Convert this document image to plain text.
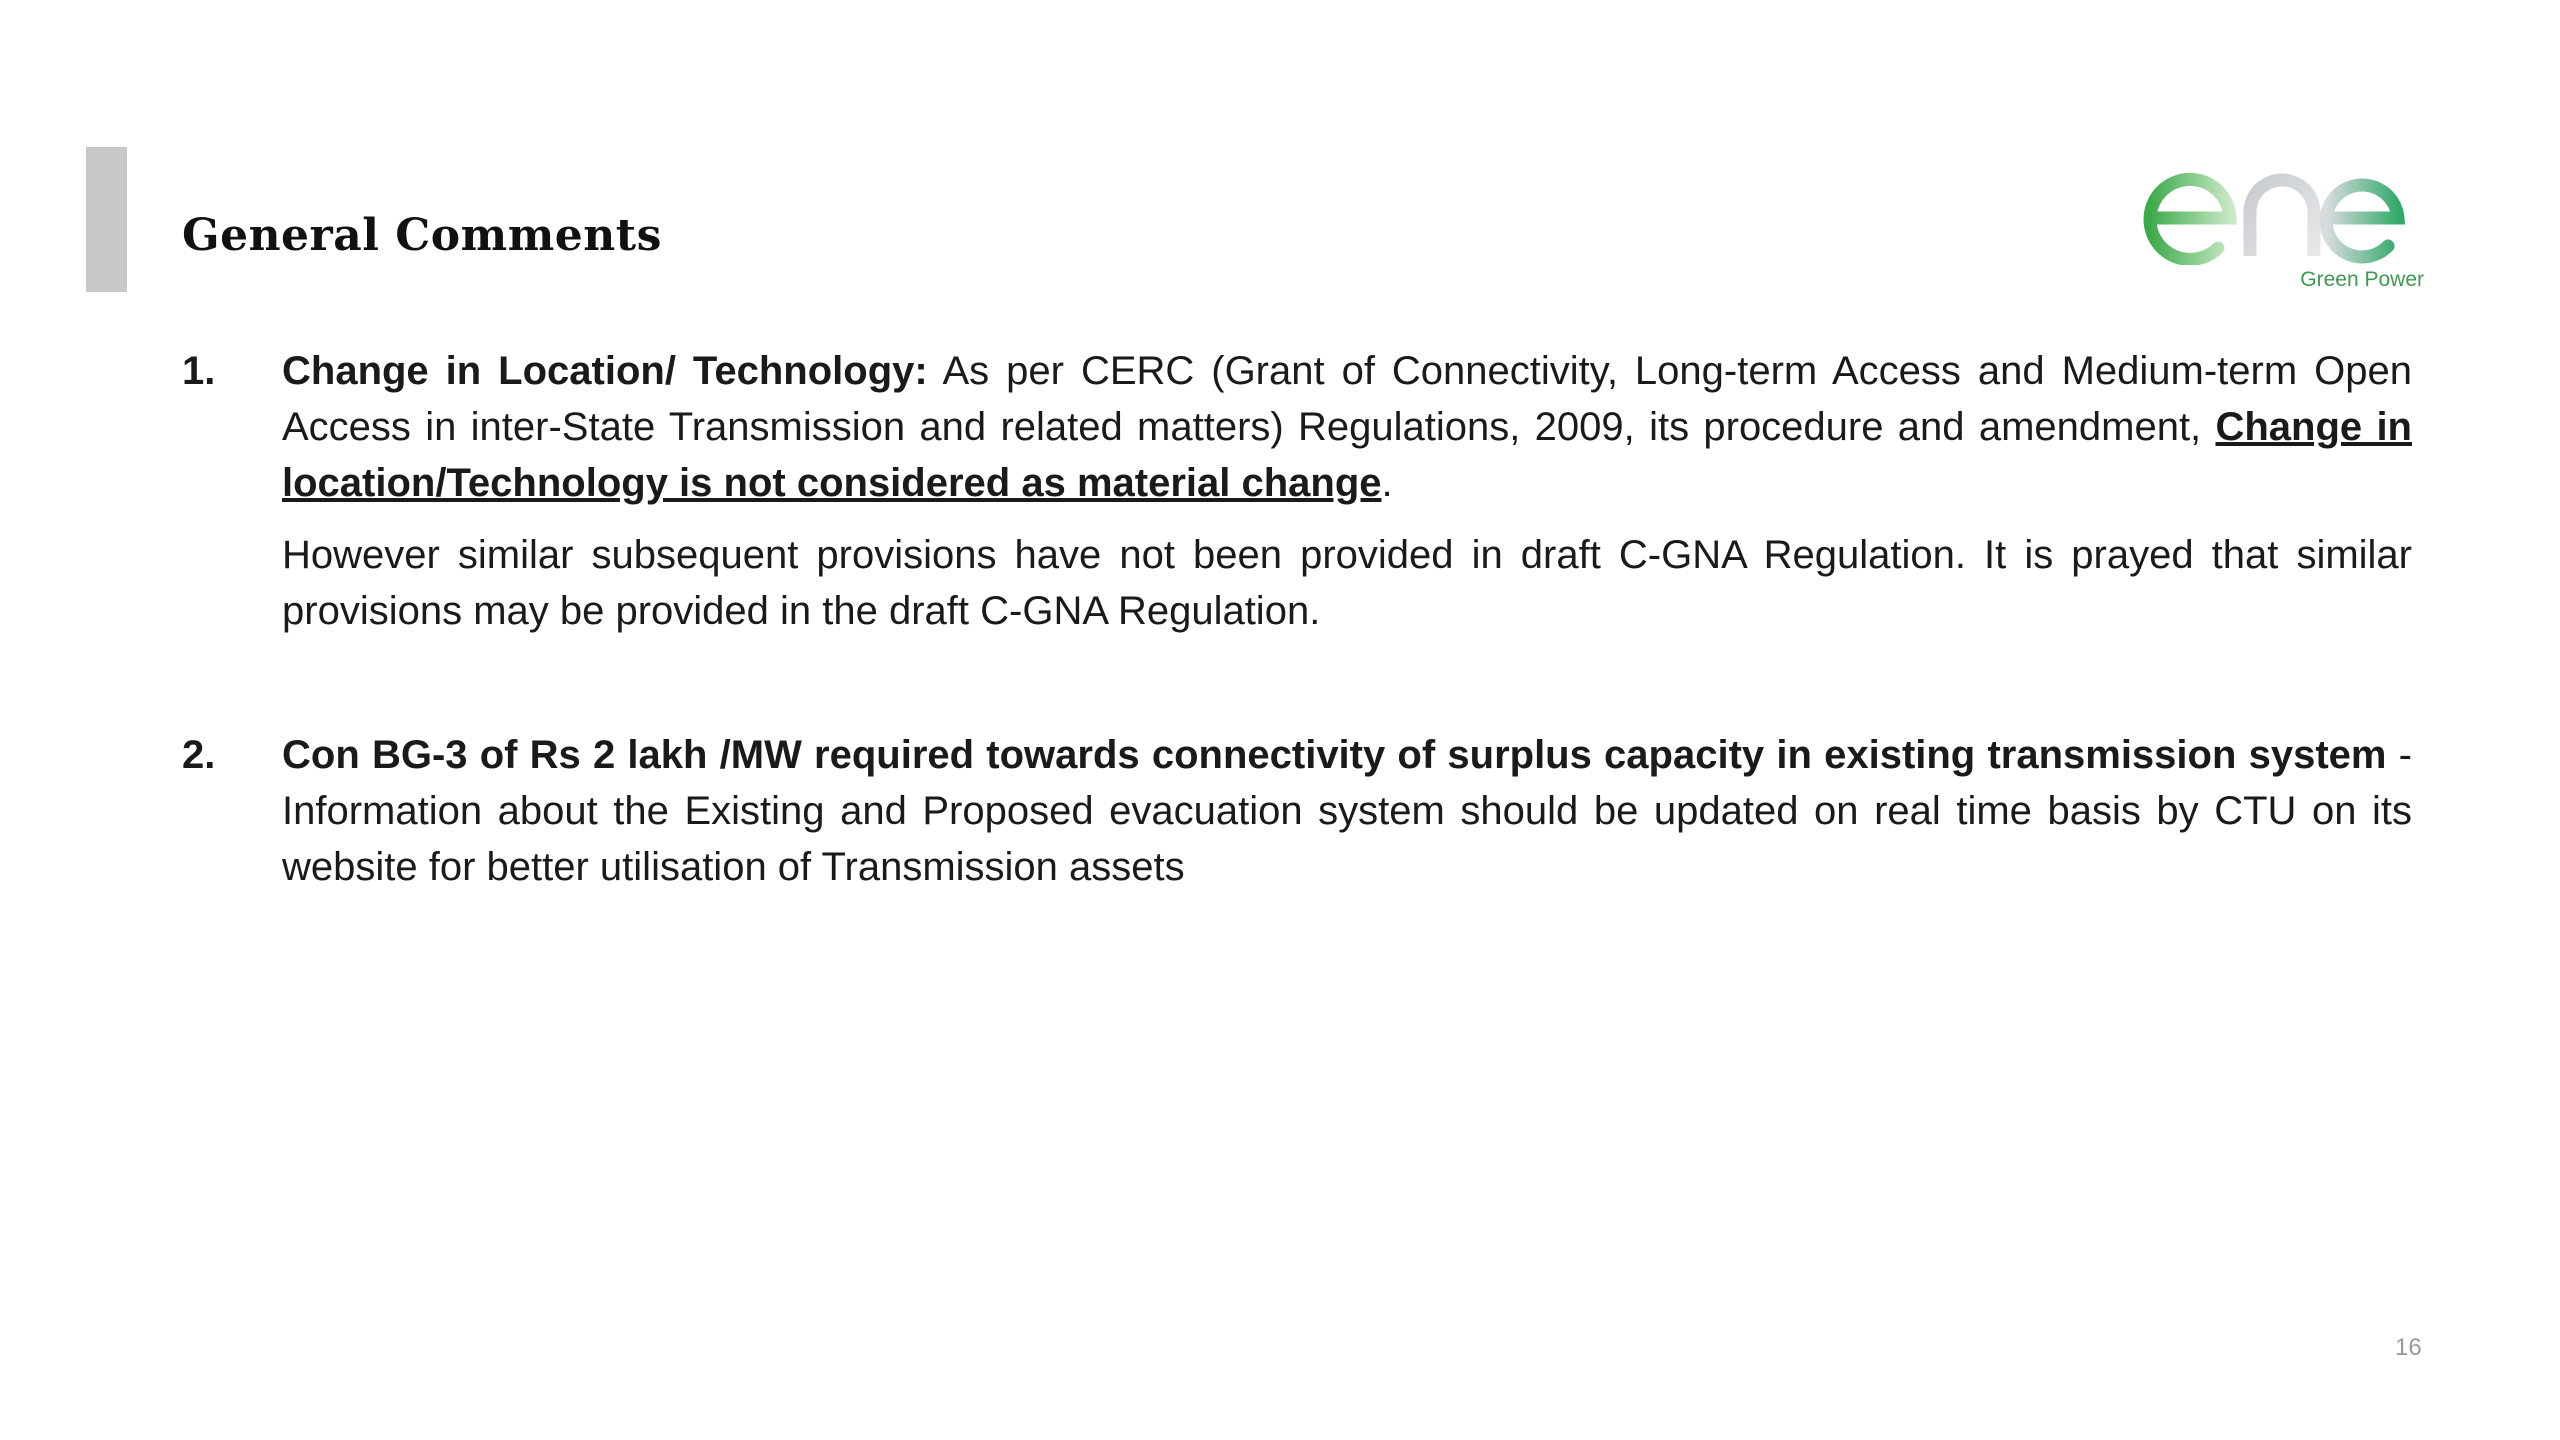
General Comments
Green Power
1.	Change in Location/ Technology: As per CERC (Grant of Connectivity, Long-term Access and Medium-term Open Access in inter-State Transmission and related matters) Regulations, 2009, its procedure and amendment, Change in location/Technology is not considered as material change.

However similar subsequent provisions have not been provided in draft C-GNA Regulation. It is prayed that similar provisions may be provided in the draft C-GNA Regulation.

2.	Con BG-3 of Rs 2 lakh /MW required towards connectivity of surplus capacity in existing transmission system - Information about the Existing and Proposed evacuation system should be updated on real time basis by CTU on its website for better utilisation of Transmission assets

16
